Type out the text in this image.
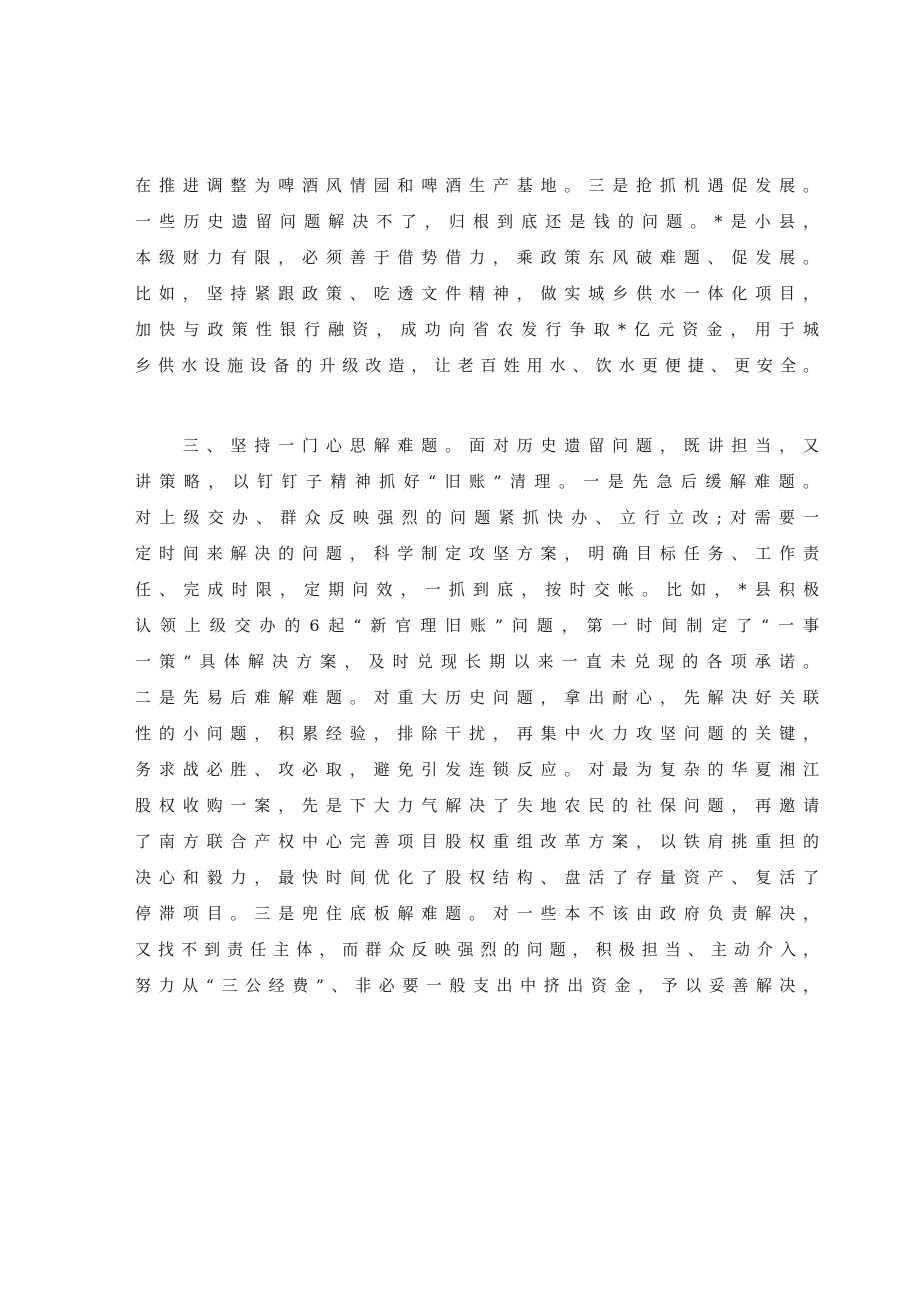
在推进调整为啤酒风情园和啤酒生产基地。三是抢抓机遇促发展。
一些历史遗留问题解决不了，归根到底还是钱的问题。*是小县，
本级财力有限，必须善于借势借力，乘政策东风破难题、促发展。
比如，坚持紧跟政策、吃透文件精神，做实城乡供水一体化项目，
加快与政策性银行融资，成功向省农发行争取*亿元资金，用于城
乡供水设施设备的升级改造，让老百姓用水、饮水更便捷、更安全。
　　三、坚持一门心思解难题。面对历史遗留问题，既讲担当，又
讲策略，以钉钉子精神抓好“旧账”清理。一是先急后缓解难题。
对上级交办、群众反映强烈的问题紧抓快办、立行立改;对需要一
定时间来解决的问题，科学制定攻坚方案，明确目标任务、工作责
任、完成时限，定期问效，一抓到底，按时交帐。比如，*县积极
认领上级交办的6起“新官理旧账”问题，第一时间制定了“一事
一策”具体解决方案，及时兑现长期以来一直未兑现的各项承诺。
二是先易后难解难题。对重大历史问题，拿出耐心，先解决好关联
性的小问题，积累经验，排除干扰，再集中火力攻坚问题的关键，
务求战必胜、攻必取，避免引发连锁反应。对最为复杂的华夏湘江
股权收购一案，先是下大力气解决了失地农民的社保问题，再邀请
了南方联合产权中心完善项目股权重组改革方案，以铁肩挑重担的
决心和毅力，最快时间优化了股权结构、盘活了存量资产、复活了
停滞项目。三是兜住底板解难题。对一些本不该由政府负责解决，
又找不到责任主体，而群众反映强烈的问题，积极担当、主动介入，
努力从“三公经费”、非必要一般支出中挤出资金，予以妥善解决，
